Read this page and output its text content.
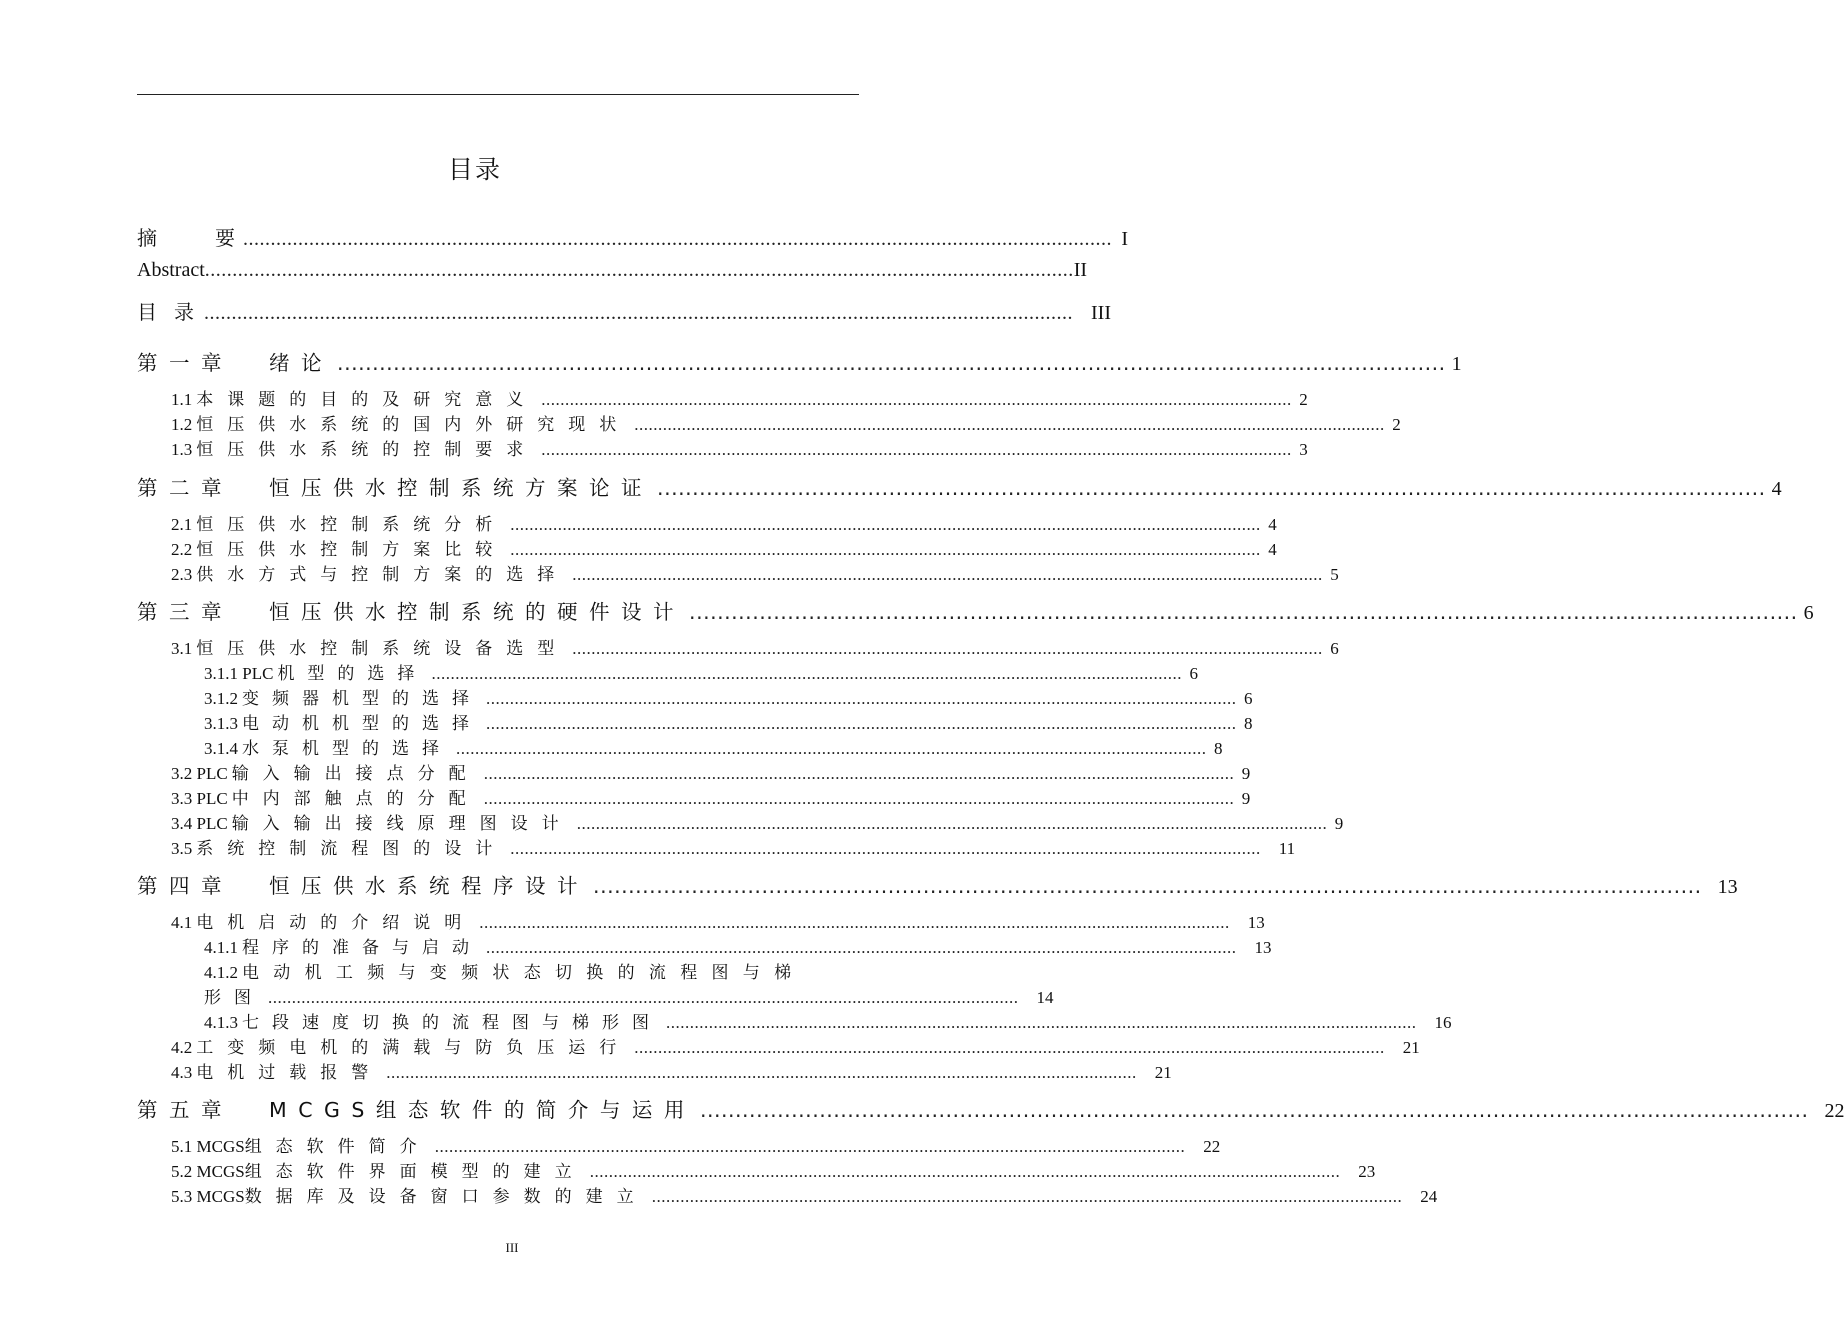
目录
摘      要 .............................................................................................................................................................. I
Abstract .............................................................................................................................................................. II
目 录 .............................................................................................................................................................. III
第一章  绪论 .............................................................................................................................................................. 1
1.1 本课题的目的及研究意义 .............................................................................................................................................................. 2
1.2 恒压供水系统的国内外研究现状 .............................................................................................................................................................. 2
1.3 恒压供水系统的控制要求 .............................................................................................................................................................. 3
第二章  恒压供水控制系统方案论证 .............................................................................................................................................................. 4
2.1 恒压供水控制系统分析 .............................................................................................................................................................. 4
2.2 恒压供水控制方案比较 .............................................................................................................................................................. 4
2.3 供水方式与控制方案的选择 .............................................................................................................................................................. 5
第三章  恒压供水控制系统的硬件设计 .............................................................................................................................................................. 6
3.1 恒压供水控制系统设备选型 .............................................................................................................................................................. 6
3.1.1 PLC 机型的选择 .............................................................................................................................................................. 6
3.1.2 变频器机型的选择 .............................................................................................................................................................. 6
3.1.3 电动机机型的选择 .............................................................................................................................................................. 8
3.1.4 水泵机型的选择 .............................................................................................................................................................. 8
3.2 PLC 输入输出接点分配 .............................................................................................................................................................. 9
3.3 PLC 中内部触点的分配 .............................................................................................................................................................. 9
3.4 PLC 输入输出接线原理图设计 .............................................................................................................................................................. 9
3.5 系统控制流程图的设计 .............................................................................................................................................................. 11
第四章  恒压供水系统程序设计 .............................................................................................................................................................. 13
4.1 电机启动的介绍说明 .............................................................................................................................................................. 13
4.1.1 程序的准备与启动 .............................................................................................................................................................. 13
4.1.2 电动机工频与变频状态切换的流程图与梯
形图 .............................................................................................................................................................. 14
4.1.3 七段速度切换的流程图与梯形图 .............................................................................................................................................................. 16
4.2 工变频电机的满载与防负压运行 .............................................................................................................................................................. 21
4.3 电机过载报警 .............................................................................................................................................................. 21
第五章  MCGS组态软件的简介与运用 .............................................................................................................................................................. 22
5.1 MCGS 组态软件简介 .............................................................................................................................................................. 22
5.2 MCGS 组态软件界面模型的建立 .............................................................................................................................................................. 23
5.3 MCGS 数据库及设备窗口参数的建立 .............................................................................................................................................................. 24
III
